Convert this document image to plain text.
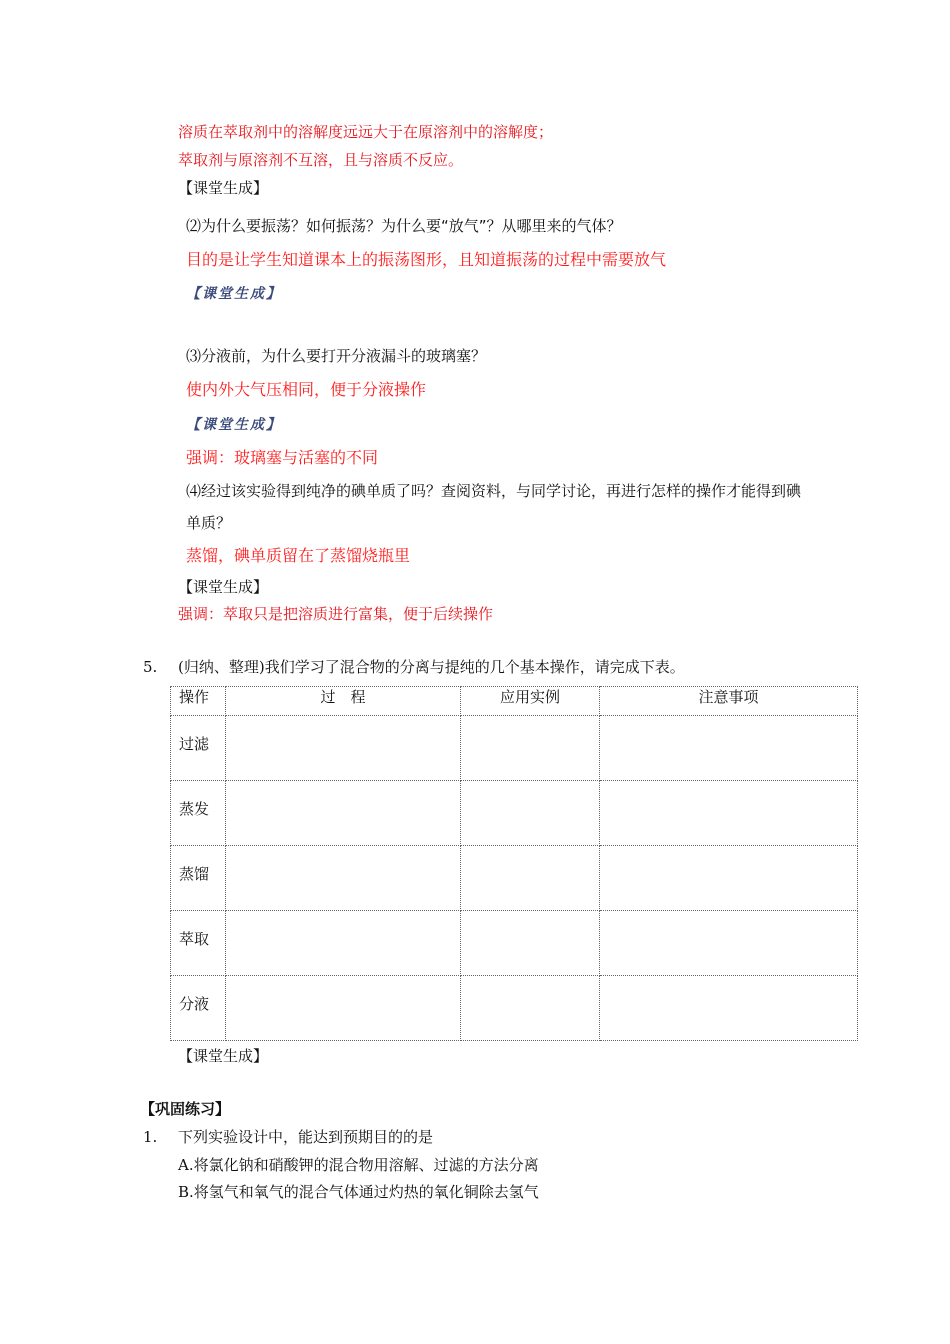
溶质在萃取剂中的溶解度远远大于在原溶剂中的溶解度；
萃取剂与原溶剂不互溶，且与溶质不反应。
【课堂生成】
⑵为什么要振荡？如何振荡？为什么要“放气”？从哪里来的气体？
目的是让学生知道课本上的振荡图形，且知道振荡的过程中需要放气
【课堂生成】
⑶分液前，为什么要打开分液漏斗的玻璃塞？
使内外大气压相同，便于分液操作
【课堂生成】
强调：玻璃塞与活塞的不同
⑷经过该实验得到纯净的碘单质了吗？查阅资料，与同学讨论，再进行怎样的操作才能得到碘
单质？
蒸馏，碘单质留在了蒸馏烧瓶里
【课堂生成】
强调：萃取只是把溶质进行富集，便于后续操作
5. (归纳、整理)我们学习了混合物的分离与提纯的几个基本操作，请完成下表。
操作	过　程	应用实例	注意事项
过滤			
蒸发			
蒸馏			
萃取			
分液			
【课堂生成】
【巩固练习】
1. 下列实验设计中，能达到预期目的的是
A.将氯化钠和硝酸钾的混合物用溶解、过滤的方法分离
B.将氢气和氧气的混合气体通过灼热的氧化铜除去氢气
